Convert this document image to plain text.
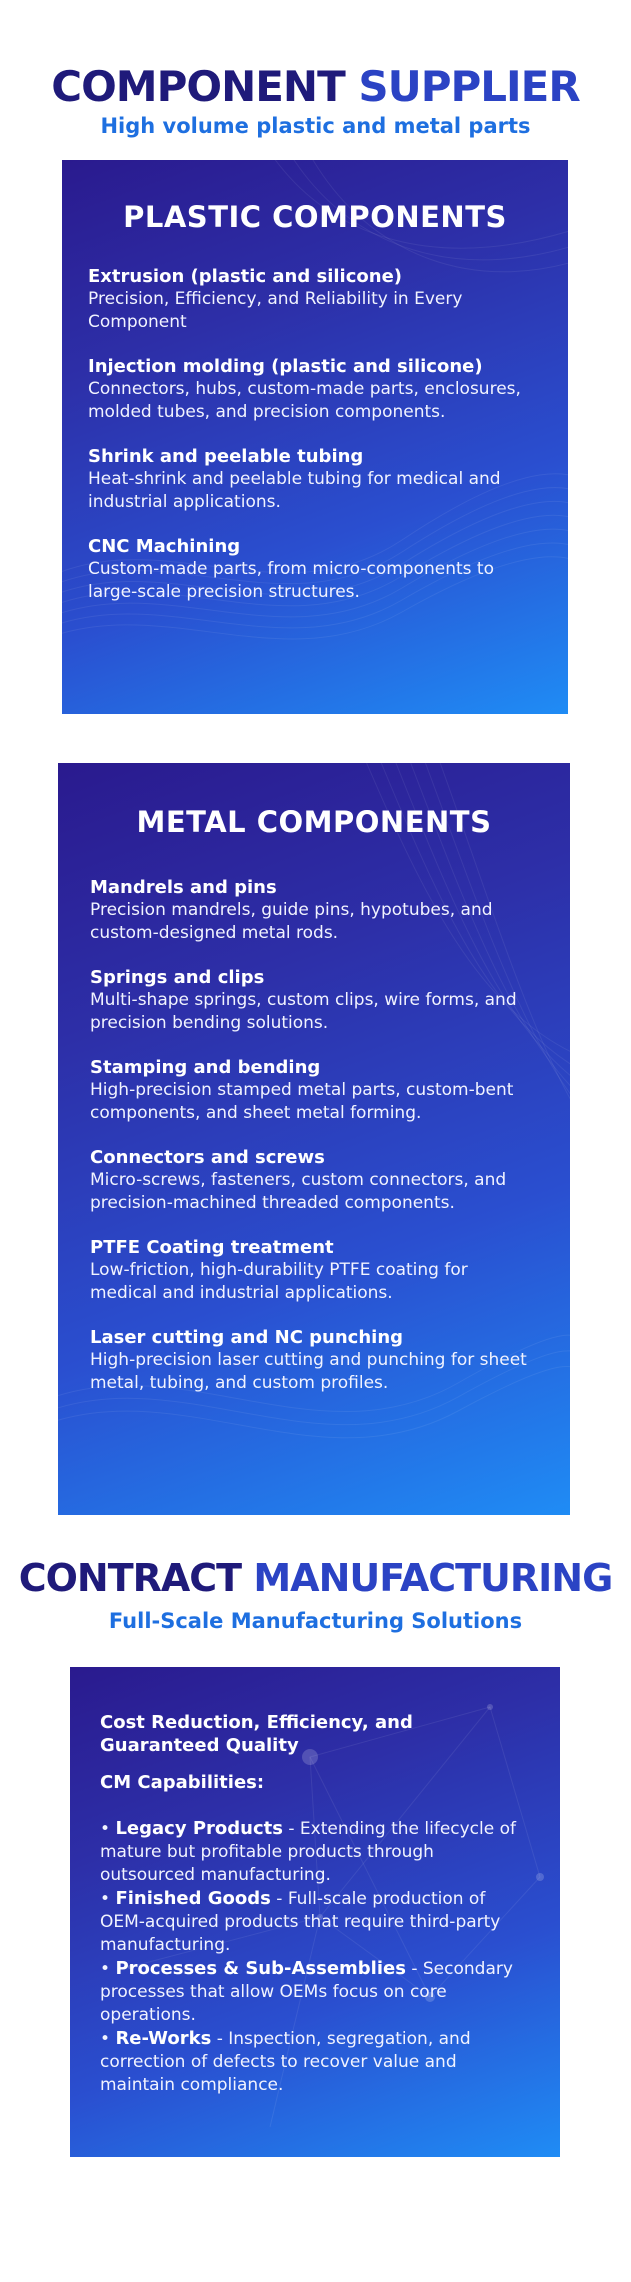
COMPONENT SUPPLIER

High volume plastic and metal parts

PLASTIC COMPONENTS
Extrusion (plastic and silicone)
Precision, Efficiency, and Reliability in Every Component
Injection molding (plastic and silicone)
Connectors, hubs, custom-made parts, enclosures, molded tubes, and precision components.
Shrink and peelable tubing
Heat-shrink and peelable tubing for medical and industrial applications.
CNC Machining
Custom-made parts, from micro-components to large-scale precision structures.
METAL COMPONENTS
Mandrels and pins
Precision mandrels, guide pins, hypotubes, and custom-designed metal rods.
Springs and clips
Multi-shape springs, custom clips, wire forms, and precision bending solutions.
Stamping and bending
High-precision stamped metal parts, custom-bent components, and sheet metal forming.
Connectors and screws
Micro-screws, fasteners, custom connectors, and precision-machined threaded components.
PTFE Coating treatment
Low-friction, high-durability PTFE coating for medical and industrial applications.
Laser cutting and NC punching
High-precision laser cutting and punching for sheet metal, tubing, and custom profiles.
CONTRACT MANUFACTURING

Full-Scale Manufacturing Solutions

Cost Reduction, Efficiency, and Guaranteed Quality

CM Capabilities:

• Legacy Products - Extending the lifecycle of mature but profitable products through outsourced manufacturing.
• Finished Goods - Full-scale production of OEM-acquired products that require third-party manufacturing.
• Processes & Sub-Assemblies - Secondary processes that allow OEMs focus on core operations.
• Re-Works - Inspection, segregation, and correction of defects to recover value and maintain compliance.
